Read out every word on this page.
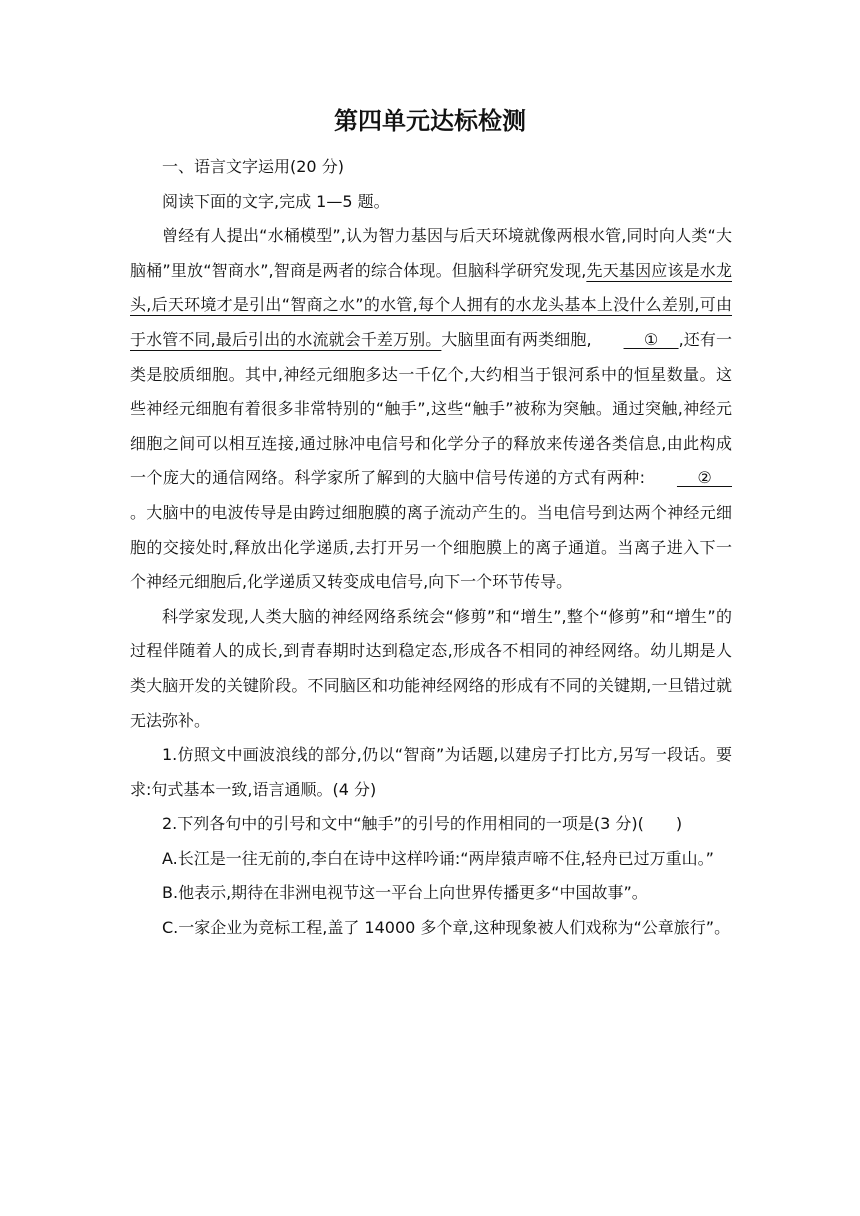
第四单元达标检测

一、语言文字运用(20 分)

阅读下面的文字,完成 1—5 题。

曾经有人提出“水桶模型”,认为智力基因与后天环境就像两根水管,同时向人类“大脑桶”里放“智商水”,智商是两者的综合体现。但脑科学研究发现,先天基因应该是水龙头,后天环境才是引出“智商之水”的水管,每个人拥有的水龙头基本上没什么差别,可由于水管不同,最后引出的水流就会千差万别。大脑里面有两类细胞,    ①    ,还有一类是胶质细胞。其中,神经元细胞多达一千亿个,大约相当于银河系中的恒星数量。这些神经元细胞有着很多非常特别的“触手”,这些“触手”被称为突触。通过突触,神经元细胞之间可以相互连接,通过脉冲电信号和化学分子的释放来传递各类信息,由此构成一个庞大的通信网络。科学家所了解到的大脑中信号传递的方式有两种:    ②    。大脑中的电波传导是由跨过细胞膜的离子流动产生的。当电信号到达两个神经元细胞的交接处时,释放出化学递质,去打开另一个细胞膜上的离子通道。当离子进入下一个神经元细胞后,化学递质又转变成电信号,向下一个环节传导。

科学家发现,人类大脑的神经网络系统会“修剪”和“增生”,整个“修剪”和“增生”的过程伴随着人的成长,到青春期时达到稳定态,形成各不相同的神经网络。幼儿期是人类大脑开发的关键阶段。不同脑区和功能神经网络的形成有不同的关键期,一旦错过就无法弥补。

1.仿照文中画波浪线的部分,仍以“智商”为话题,以建房子打比方,另写一段话。要求:句式基本一致,语言通顺。(4 分)

2.下列各句中的引号和文中“触手”的引号的作用相同的一项是(3 分)(　　)

A.长江是一往无前的,李白在诗中这样吟诵:“两岸猿声啼不住,轻舟已过万重山。”

B.他表示,期待在非洲电视节这一平台上向世界传播更多“中国故事”。

C.一家企业为竞标工程,盖了 14000 多个章,这种现象被人们戏称为“公章旅行”。
